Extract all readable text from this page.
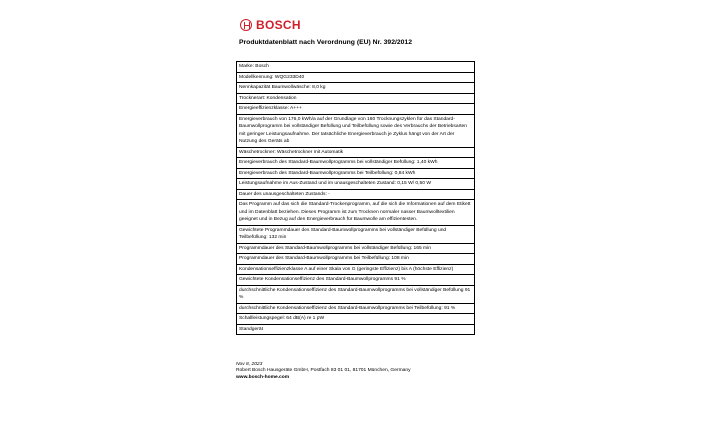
BOSCH
Produktdatenblatt nach Verordnung (EU) Nr. 392/2012
Marke: Bosch
Modellkennung: WQG233D40
Nennkapazität Baumwollwäsche: 8,0 kg
Trocknerart: Kondensation
Energieeffizienzklasse: A+++
Energieverbrauch von 176,0 kWh/a auf der Grundlage von 160 Trocknungszyklen für das Standard-Baumwollprogramm bei vollständiger Befüllung und Teilbefüllung sowie des Verbrauchs der Betriebsarten mit geringer Leistungsaufnahme. Der tatsächliche Energieverbrauch je Zyklus hängt von der Art der Nutzung des Geräts ab
Wäschetrockner: Wäschetrockner mit Automatik
Energieverbrauch des Standard-Baumwollprogramms bei vollständiger Befüllung: 1,40 kWh
Energieverbrauch des Standard-Baumwollprogramms bei Teilbefüllung: 0,84 kWh
Leistungsaufnahme im Aus-Zustand und im unausgeschalteten Zustand: 0,15 W/ 0,50 W
Dauer des unausgeschalteten Zustands: -
Das Programm auf das sich die Standard-Trockenprogramm, auf die sich die Informationen auf dem Etikett und im Datenblatt beziehen. Dieses Programm ist zum Trocknen normaler nasser Baumwolltextilien geeignet und in Bezug auf den Energieverbrauch für Baumwolle am effizientesten.
Gewichtete Programmdauer des Standard-Baumwollprogramms bei vollständiger Befüllung und Teilbefüllung: 132 min
Programmdauer des Standard-Baumwollprogramms bei vollständiger Befüllung: 165 min
Programmdauer des Standard-Baumwollprogramms bei Teilbefüllung: 108 min
Kondensationseffizienzklasse A auf einer Skala von G (geringste Effizienz) bis A (höchste Effizienz)
Gewichtete Kondensationseffizienz des Standard-Baumwollprogramms 91 %
durchschnittliche Kondensationseffizienz des Standard-Baumwollprogramms bei vollständiger Befüllung 91 %
durchschnittliche Kondensationseffizienz des Standard-Baumwollprogramms bei Teilbefüllung: 91 %
Schallleistungspegel: 64 dB(A) re 1 pW
Standgerät
Nov 8, 2023
Robert Bosch Hausgeräte GmbH, Postfach 83 01 01, 81701 München, Germany
www.bosch-home.com
